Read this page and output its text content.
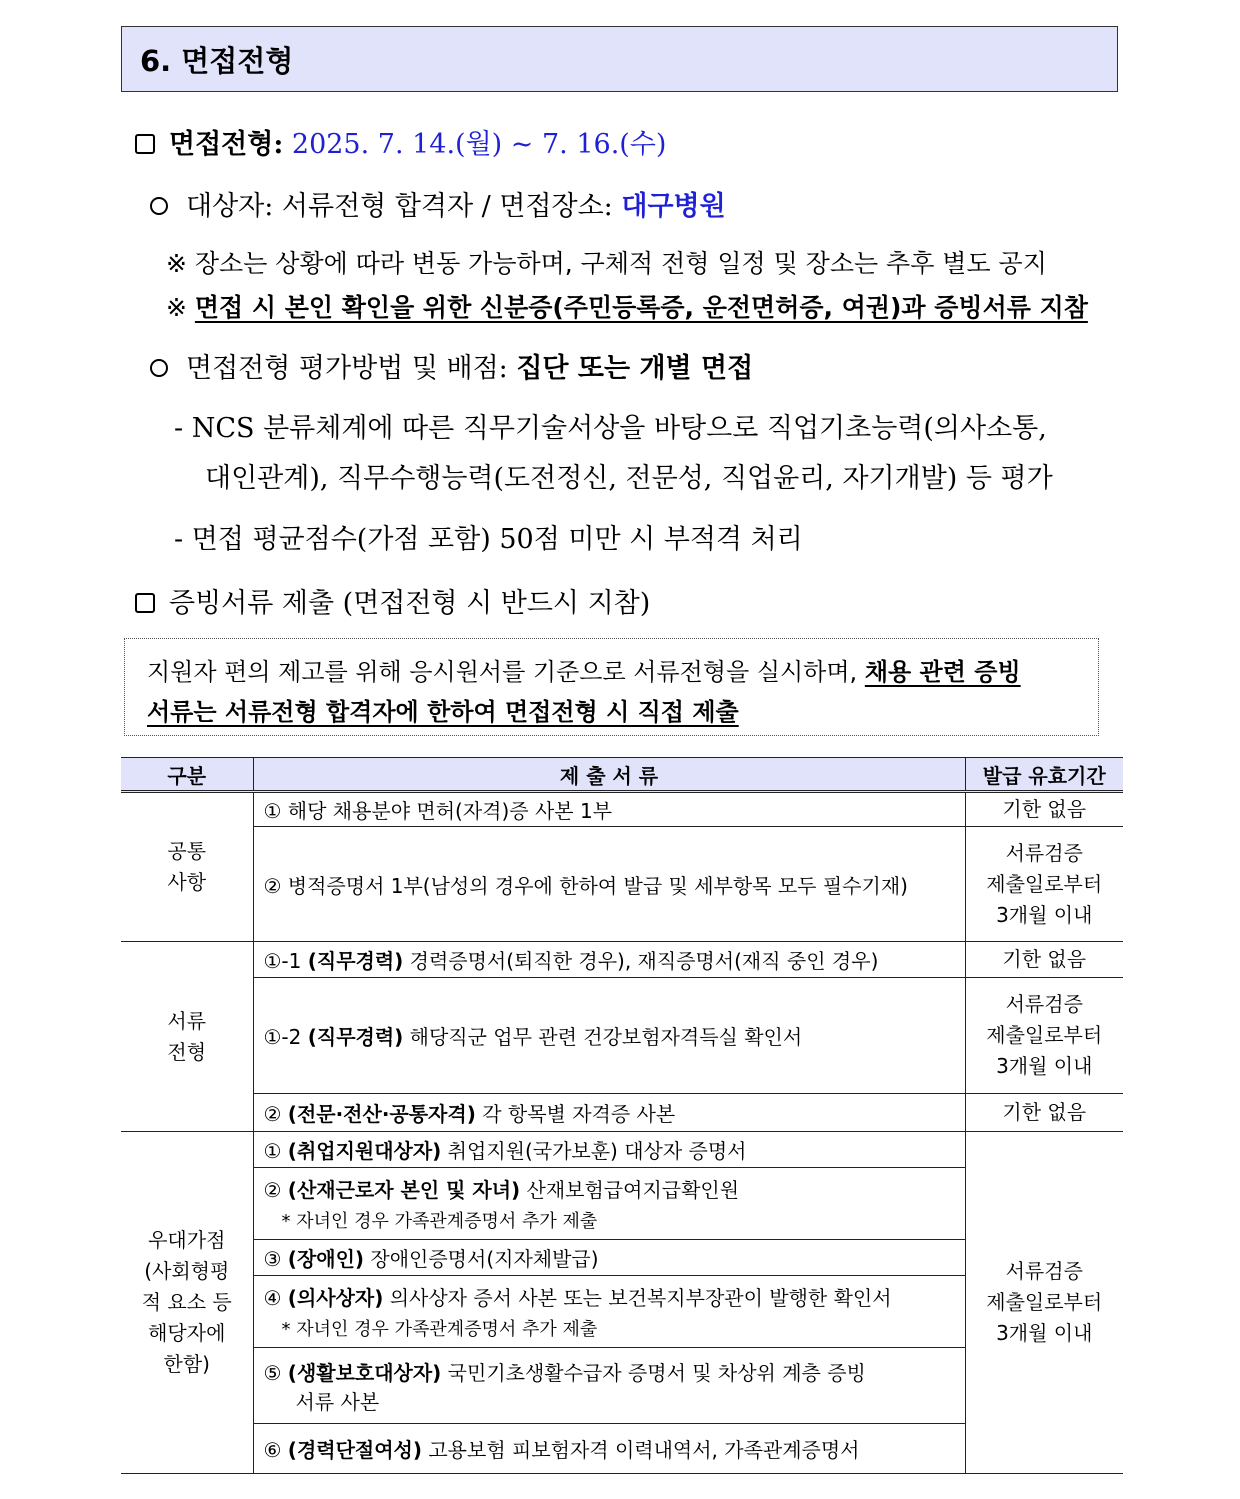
6. 면접전형
면접전형: 2025. 7. 14.(월) ~ 7. 16.(수)
대상자: 서류전형 합격자 / 면접장소: 대구병원
※ 장소는 상황에 따라 변동 가능하며, 구체적 전형 일정 및 장소는 추후 별도 공지
※ 면접 시 본인 확인을 위한 신분증(주민등록증, 운전면허증, 여권)과 증빙서류 지참
면접전형 평가방법 및 배점: 집단 또는 개별 면접
- NCS 분류체계에 따른 직무기술서상을 바탕으로 직업기초능력(의사소통,
대인관계), 직무수행능력(도전정신, 전문성, 직업윤리, 자기개발) 등 평가
- 면접 평균점수(가점 포함) 50점 미만 시 부적격 처리
증빙서류 제출 (면접전형 시 반드시 지참)
지원자 편의 제고를 위해 응시원서를 기준으로 서류전형을 실시하며, 채용 관련 증빙
서류는 서류전형 합격자에 한하여 면접전형 시 직접 제출
구분	제 출 서 류	발급 유효기간
공통
사항	① 해당 채용분야 면허(자격)증 사본 1부	기한 없음
	② 병적증명서 1부(남성의 경우에 한하여 발급 및 세부항목 모두 필수기재)	서류검증
제출일로부터
3개월 이내
서류
전형	①-1 (직무경력) 경력증명서(퇴직한 경우), 재직증명서(재직 중인 경우)	기한 없음
	①-2 (직무경력) 해당직군 업무 관련 건강보험자격득실 확인서	서류검증
제출일로부터
3개월 이내
	② (전문·전산·공통자격) 각 항목별 자격증 사본	기한 없음
우대가점
(사회형평
적 요소 등
해당자에
한함)	① (취업지원대상자) 취업지원(국가보훈) 대상자 증명서	서류검증
제출일로부터
3개월 이내
	② (산재근로자 본인 및 자녀) 산재보험급여지급확인원
* 자녀인 경우 가족관계증명서 추가 제출	

	③ (장애인) 장애인증명서(지자체발급)	
	④ (의사상자) 의사상자 증서 사본 또는 보건복지부장관이 발행한 확인서
* 자녀인 경우 가족관계증명서 추가 제출	

	⑤ (생활보호대상자) 국민기초생활수급자 증명서 및 차상위 계층 증빙
서류 사본	

	⑥ (경력단절여성) 고용보험 피보험자격 이력내역서, 가족관계증명서	
